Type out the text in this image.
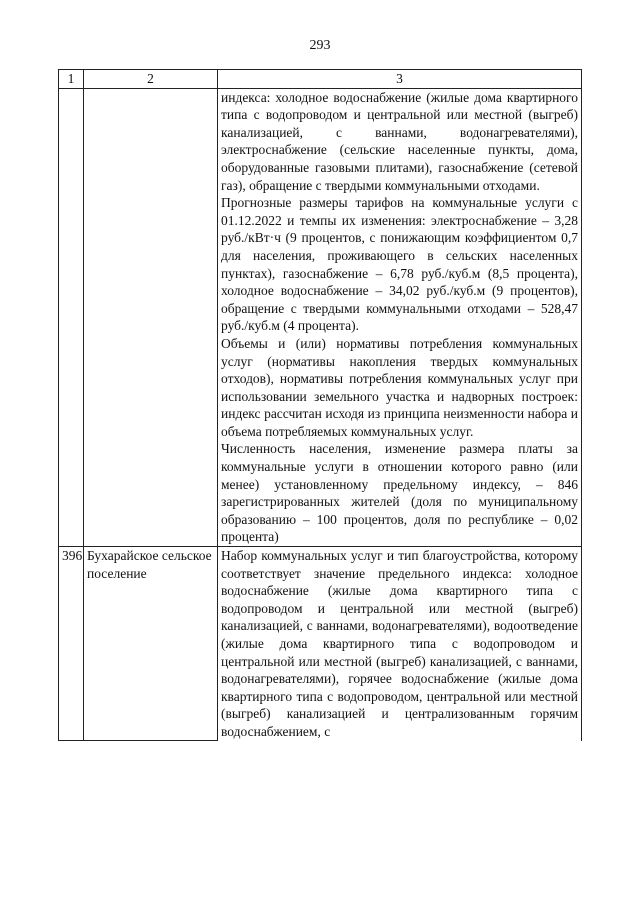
293
1	2	3

		индекса: холодное водоснабжение (жилые дома квартирного типа с водопроводом и центральной или местной (выгреб) канализацией, с ваннами, водонагревателями), электроснабжение (сельские населенные пункты, дома, оборудованные газовыми плитами), газоснабжение (сетевой газ), обращение с твердыми коммунальными отходами.

Прогнозные размеры тарифов на коммунальные услуги с 01.12.2022 и темпы их изменения: электроснабжение – 3,28 руб./кВт·ч (9 процентов, с понижающим коэффициентом 0,7 для населения, проживающего в сельских населенных пунктах), газоснабжение – 6,78 руб./куб.м (8,5 процента), холодное водоснабжение – 34,02 руб./куб.м (9 процентов), обращение с твердыми коммунальными отходами – 528,47 руб./куб.м (4 процента).

Объемы и (или) нормативы потребления коммунальных услуг (нормативы накопления твердых коммунальных отходов), нормативы потребления коммунальных услуг при использовании земельного участка и надворных построек: индекс рассчитан исходя из принципа неизменности набора и объема потребляемых коммунальных услуг.

Численность населения, изменение размера платы за коммунальные услуги в отношении которого равно (или менее) установленному предельному индексу, – 846 зарегистрированных жителей (доля по муниципальному образованию – 100 процентов, доля по республике – 0,02 процента)

396	Бухарайское сельское поселение	Набор коммунальных услуг и тип благоустройства, которому соответствует значение предельного индекса: холодное водоснабжение (жилые дома квартирного типа с водопроводом и центральной или местной (выгреб) канализацией, с ваннами, водонагревателями), водоотведение (жилые дома квартирного типа с водопроводом и центральной или местной (выгреб) канализацией, с ваннами, водонагревателями), горячее водоснабжение (жилые дома квартирного типа с водопроводом, центральной или местной (выгреб) канализацией и централизованным горячим водоснабжением, с
